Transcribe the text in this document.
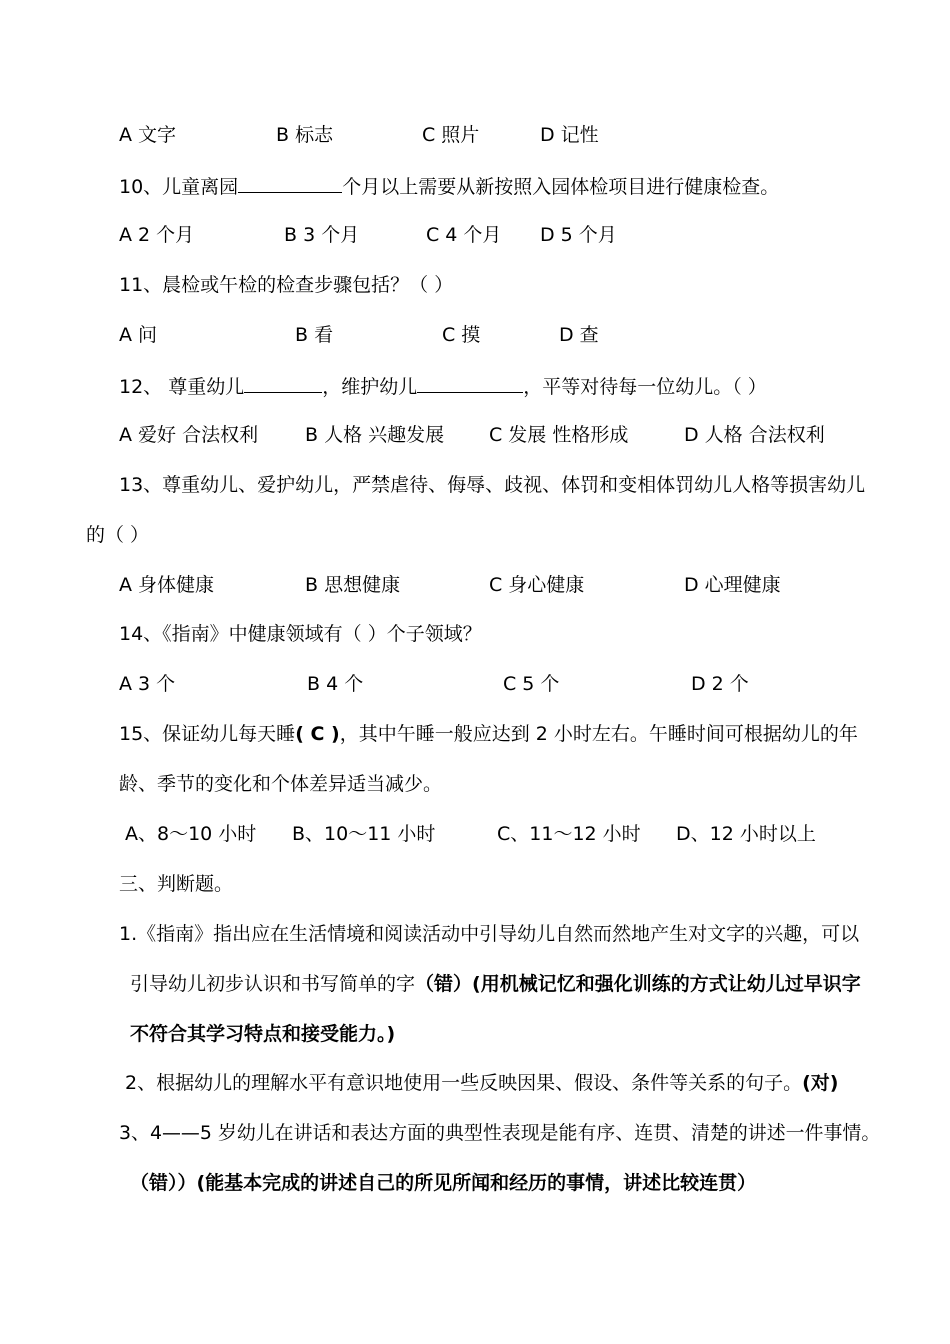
A 文字	B 标志	C 照片	D 记性
10、儿童离园	个月以上需要从新按照入园体检项目进行健康检查。
A 2 个月	B 3 个月	C 4 个月 D 5 个月
11、晨检或午检的检查步骤包括？（ ）
A 问	B 看	C 摸	D 查
12、 尊重幼儿	，维护幼儿	，平等对待每一位幼儿。（ ）
A 爱好 合法权利 B 人格 兴趣发展 C 发展 性格形成	D 人格 合法权利
13、尊重幼儿、爱护幼儿，严禁虐待、侮辱、歧视、体罚和变相体罚幼儿人格等损害幼儿
的（ ）
A 身体健康	B 思想健康	C 身心健康	D 心理健康
14、《指南》中健康领域有（ ）个子领域？
A 3 个	B 4 个	C 5 个	D 2 个
15、保证幼儿每天睡( C )，其中午睡一般应达到 2 小时左右。午睡时间可根据幼儿的年
龄、季节的变化和个体差异适当减少。
A、8～10 小时 B、10～11 小时	C、11～12 小时 D、12 小时以上
三、判断题。
1.《指南》指出应在生活情境和阅读活动中引导幼儿自然而然地产生对文字的兴趣，可以
引导幼儿初步认识和书写简单的字（错）(用机械记忆和强化训练的方式让幼儿过早识字
不符合其学习特点和接受能力。)
2、根据幼儿的理解水平有意识地使用一些反映因果、假设、条件等关系的句子。(对)
3、4——5 岁幼儿在讲话和表达方面的典型性表现是能有序、连贯、清楚的讲述一件事情。
（错））(能基本完成的讲述自己的所见所闻和经历的事情，讲述比较连贯）
